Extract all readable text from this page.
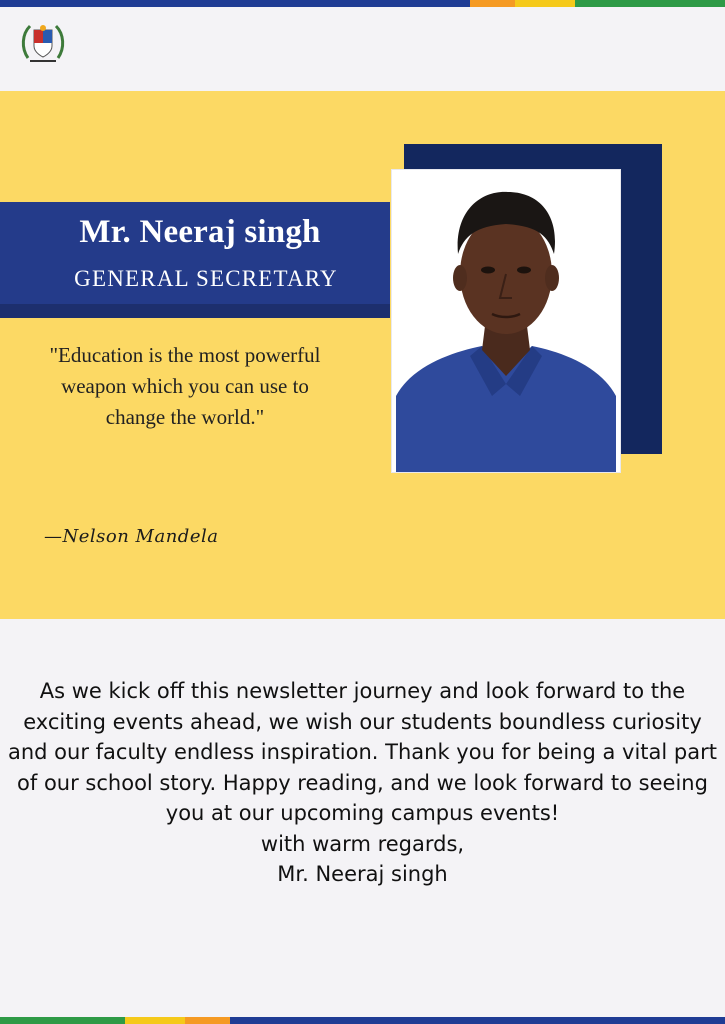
Mr. Neeraj singh
GENERAL SECRETARY
"Education is the most powerful weapon which you can use to change the world."
—Nelson Mandela

As we kick off this newsletter journey and look forward to the exciting events ahead, we wish our students boundless curiosity and our faculty endless inspiration. Thank you for being a vital part of our school story. Happy reading, and we look forward to seeing you at our upcoming campus events!

with warm regards,

Mr. Neeraj singh
